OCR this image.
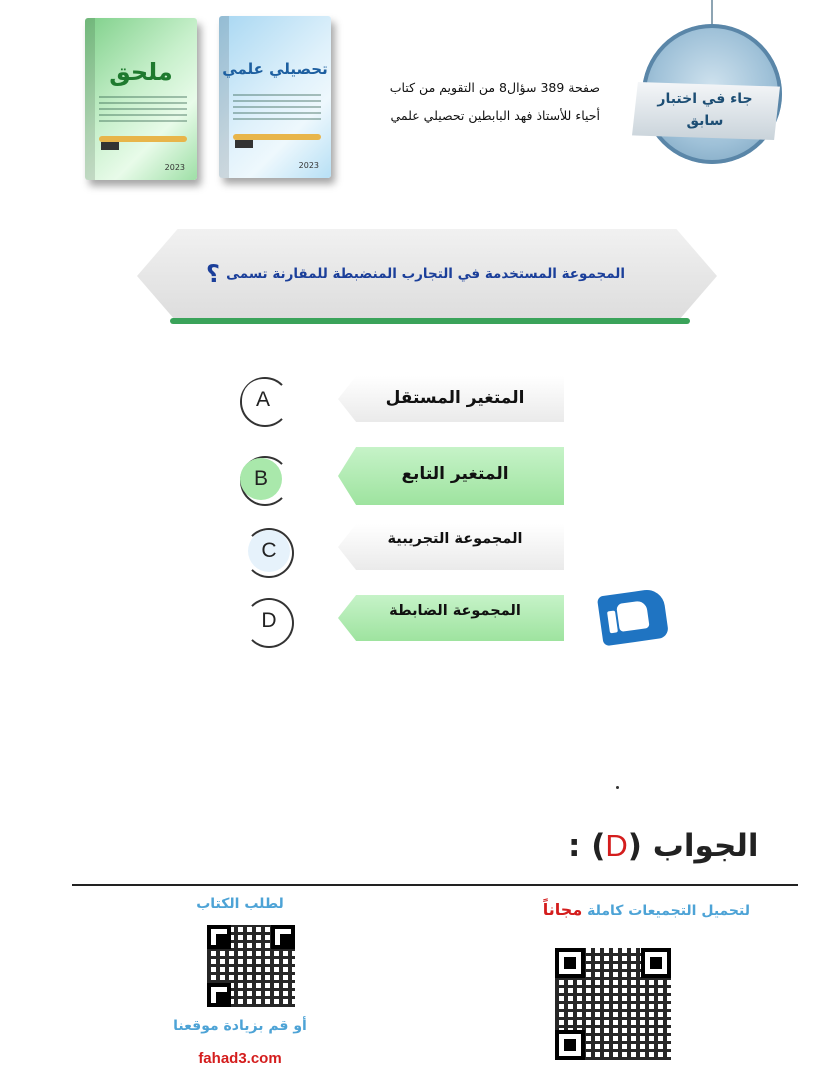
ملحق
2023
تحصيلي علمي
2023
صفحة 389 سؤال8 من التقويم من كتاب
أحياء للأستاذ فهد البابطين تحصيلي علمي
جاء في اختبار
سابق
المجموعة المستخدمة في التجارب المنضبطة للمقارنة تسمى
؟
المتغير المستقل
A
المتغير التابع
B
المجموعة التجريبية
C
المجموعة الضابطة
D
الجواب (D) :
لتحميل التجميعات كاملة مجاناً
لطلب الكتاب
أو قم بزيادة موقعنا
fahad3.com
